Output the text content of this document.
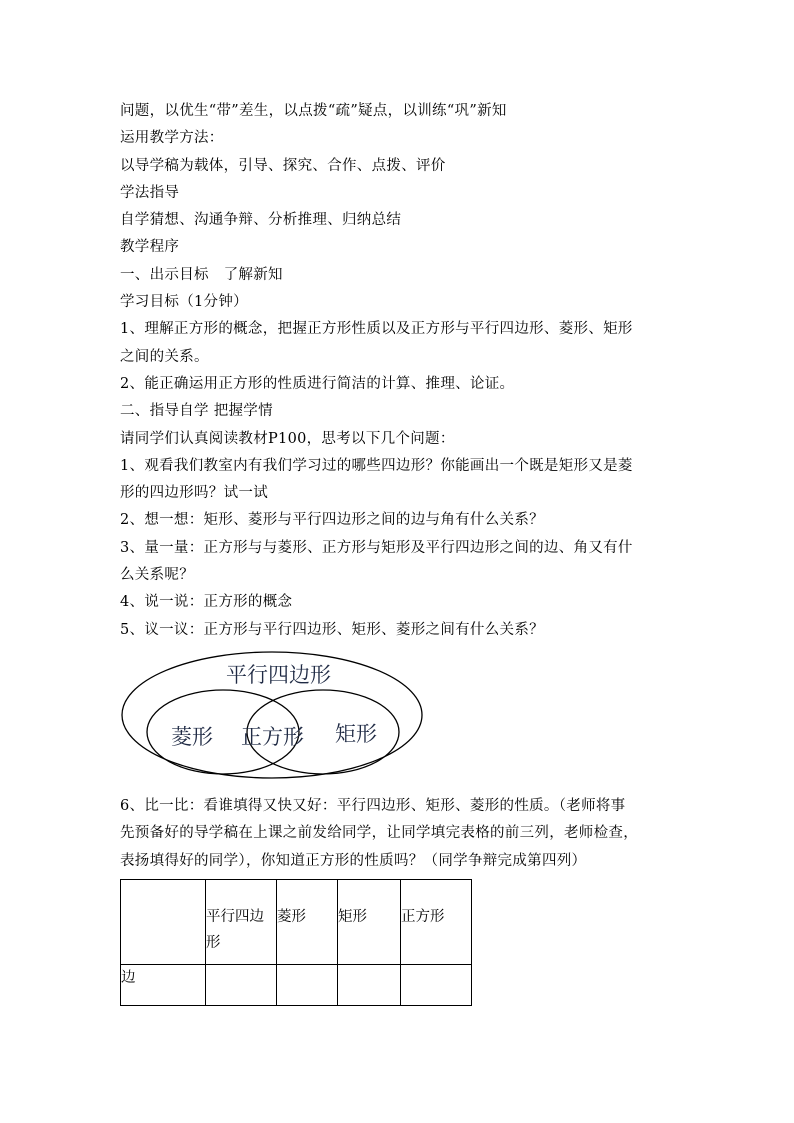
问题，以优生“带”差生，以点拨“疏”疑点，以训练“巩”新知
运用教学方法：
以导学稿为载体，引导、探究、合作、点拨、评价
学法指导
自学猜想、沟通争辩、分析推理、归纳总结
教学程序
一、出示目标　了解新知
学习目标（1分钟）
1、理解正方形的概念，把握正方形性质以及正方形与平行四边形、菱形、矩形
之间的关系。
2、能正确运用正方形的性质进行简洁的计算、推理、论证。
二、指导自学 把握学情
请同学们认真阅读教材P100，思考以下几个问题：
1、观看我们教室内有我们学习过的哪些四边形？你能画出一个既是矩形又是菱
形的四边形吗？试一试
2、想一想：矩形、菱形与平行四边形之间的边与角有什么关系？
3、量一量：正方形与与菱形、正方形与矩形及平行四边形之间的边、角又有什
么关系呢？
4、说一说：正方形的概念
5、议一议：正方形与平行四边形、矩形、菱形之间有什么关系？
平行四边形
菱形 正方形 矩形
6、比一比：看谁填得又快又好：平行四边形、矩形、菱形的性质。（老师将事
先预备好的导学稿在上课之前发给同学，让同学填完表格的前三列，老师检查，
表扬填得好的同学），你知道正方形的性质吗？（同学争辩完成第四列）
	平行四边形	菱形	矩形	正方形
边				
